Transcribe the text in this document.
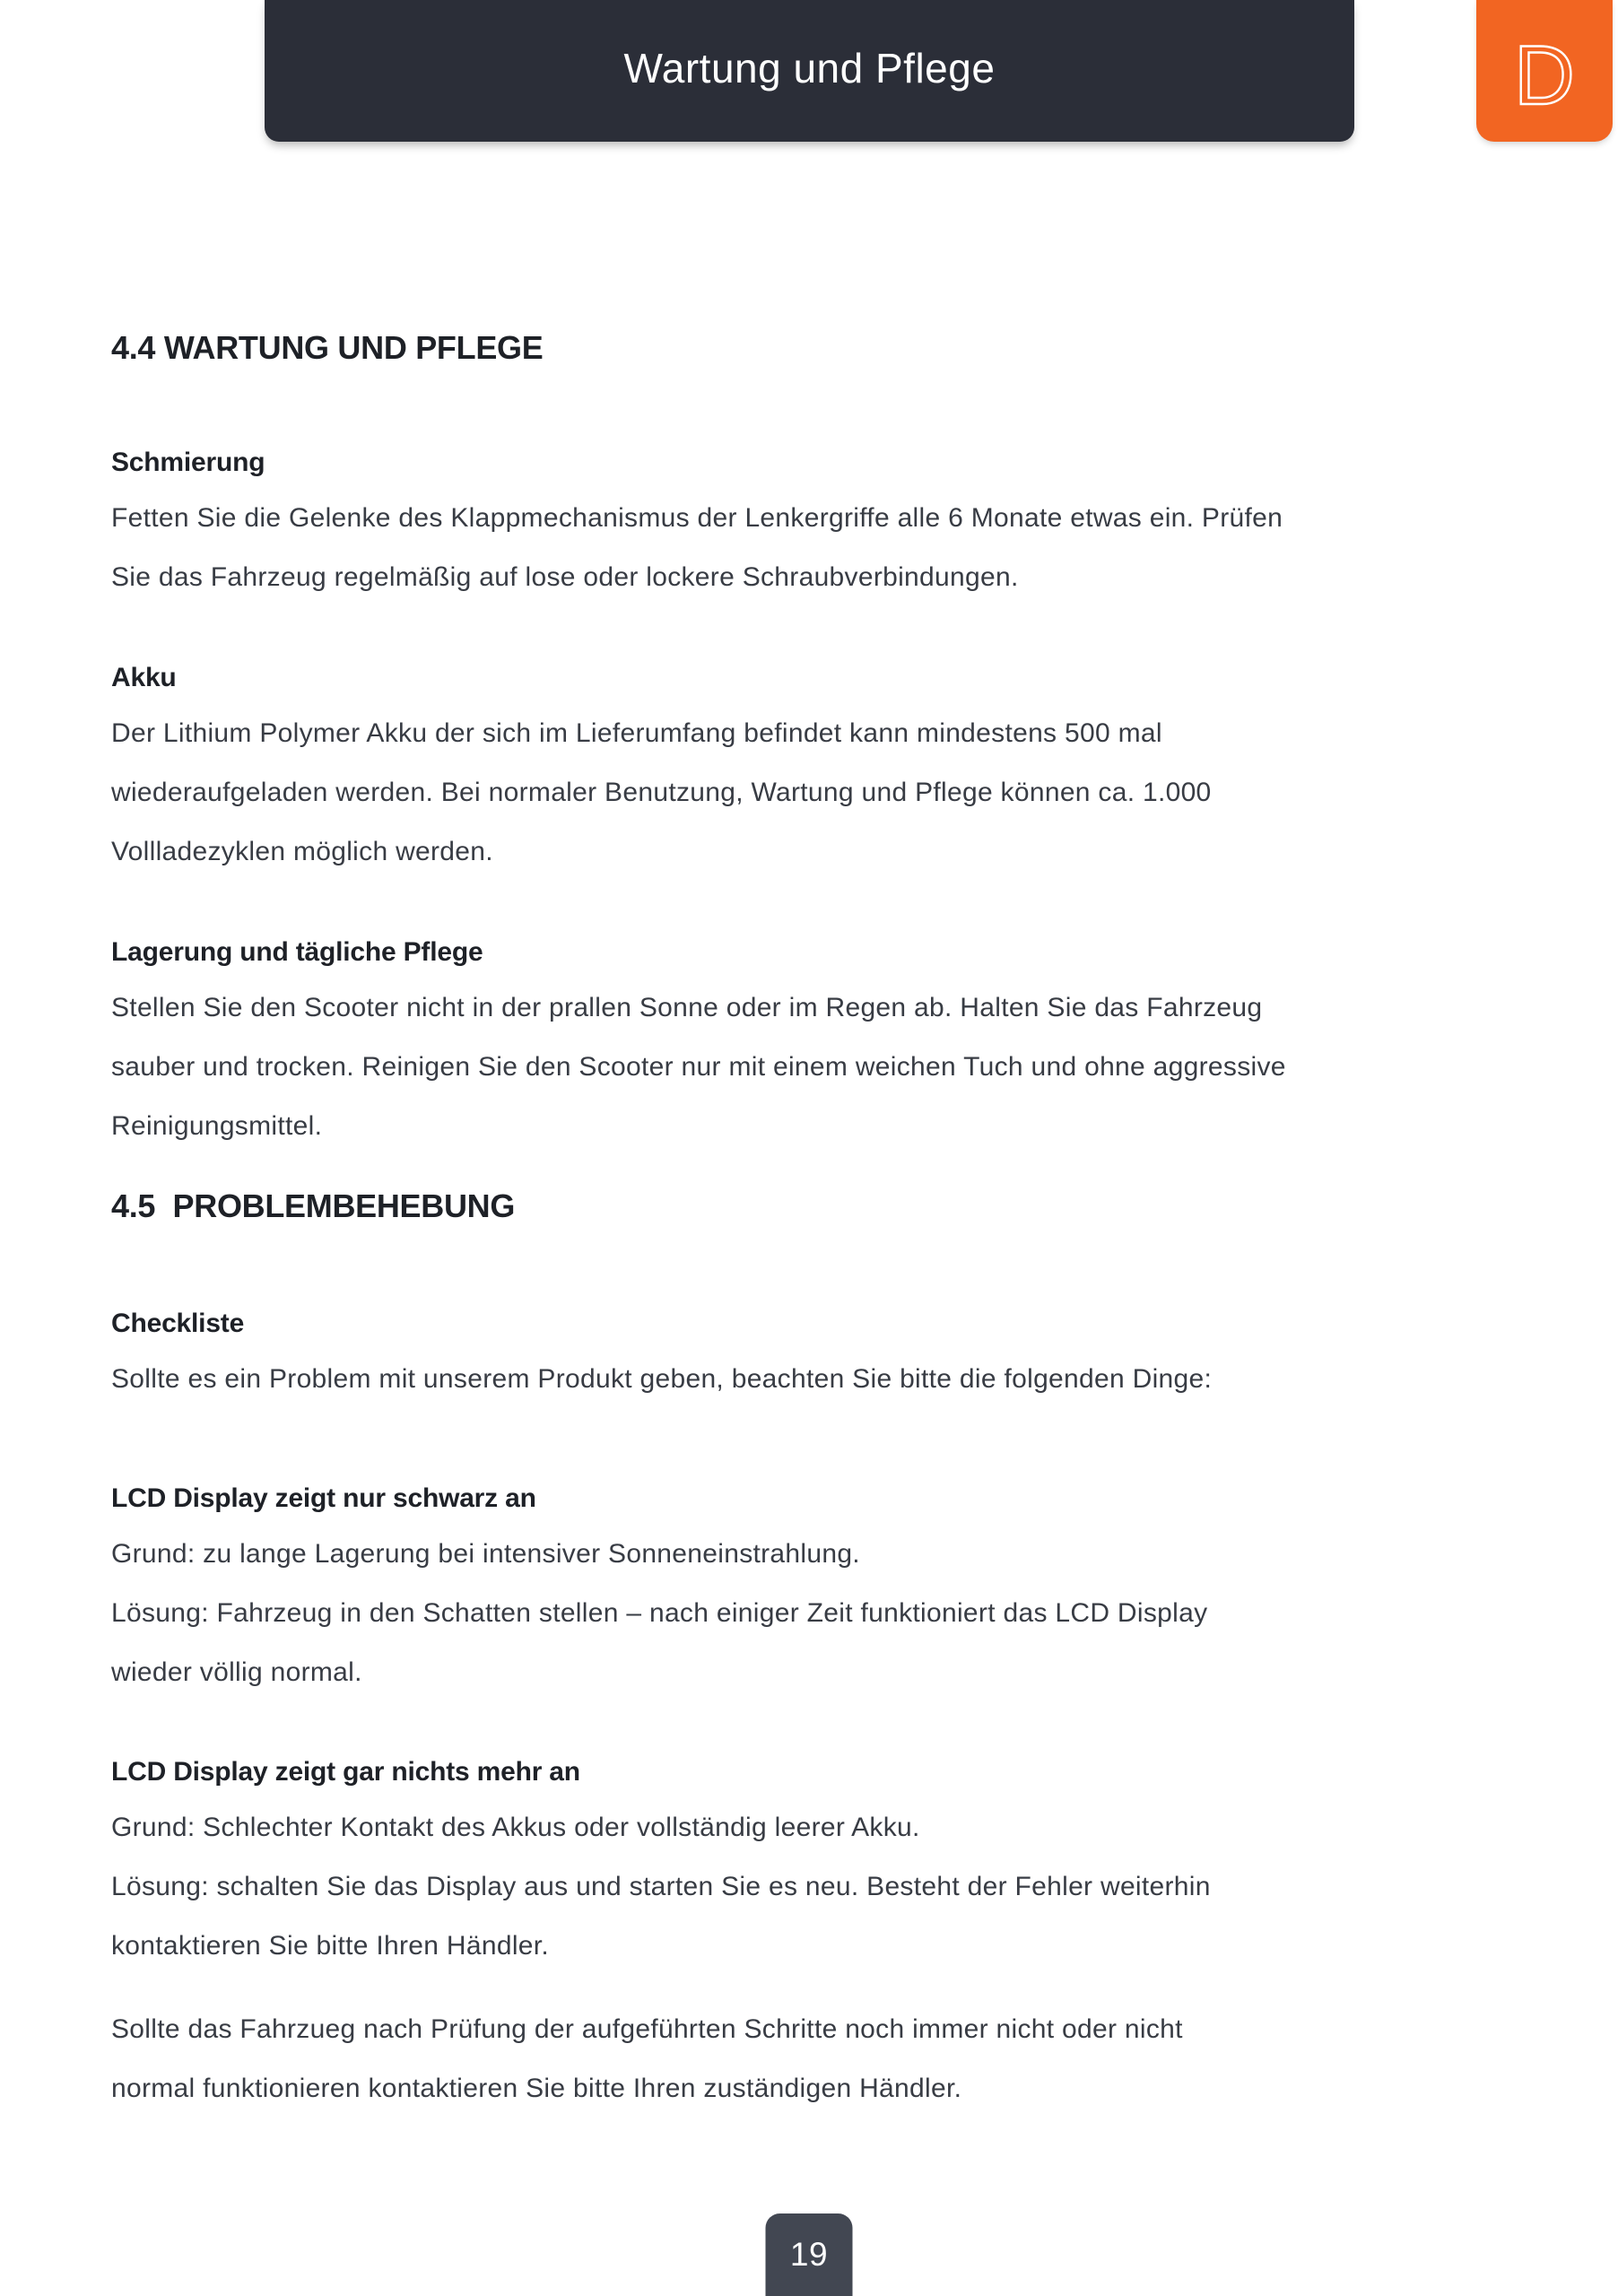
Wartung und Pflege	D
4.4 WARTUNG UND PFLEGE
Schmierung

Fetten Sie die Gelenke des Klappmechanismus der Lenkergriffe alle 6 Monate etwas ein. Prüfen

Sie das Fahrzeug regelmäßig auf lose oder lockere Schraubverbindungen.

Akku

Der Lithium Polymer Akku der sich im Lieferumfang befindet kann mindestens 500 mal

wiederaufgeladen werden. Bei normaler Benutzung, Wartung und Pflege können ca. 1.000

Vollladezyklen möglich werden.

Lagerung und tägliche Pflege

Stellen Sie den Scooter nicht in der prallen Sonne oder im Regen ab. Halten Sie das Fahrzeug

sauber und trocken. Reinigen Sie den Scooter nur mit einem weichen Tuch und ohne aggressive

Reinigungsmittel.

4.5  PROBLEMBEHEBUNG
Checkliste

Sollte es ein Problem mit unserem Produkt geben, beachten Sie bitte die folgenden Dinge:

LCD Display zeigt nur schwarz an

Grund: zu lange Lagerung bei intensiver Sonneneinstrahlung.

Lösung: Fahrzeug in den Schatten stellen – nach einiger Zeit funktioniert das LCD Display

wieder völlig normal.

LCD Display zeigt gar nichts mehr an

Grund: Schlechter Kontakt des Akkus oder vollständig leerer Akku.

Lösung: schalten Sie das Display aus und starten Sie es neu. Besteht der Fehler weiterhin

kontaktieren Sie bitte Ihren Händler.

Sollte das Fahrzueg nach Prüfung der aufgeführten Schritte noch immer nicht oder nicht

normal funktionieren kontaktieren Sie bitte Ihren zuständigen Händler.

19
